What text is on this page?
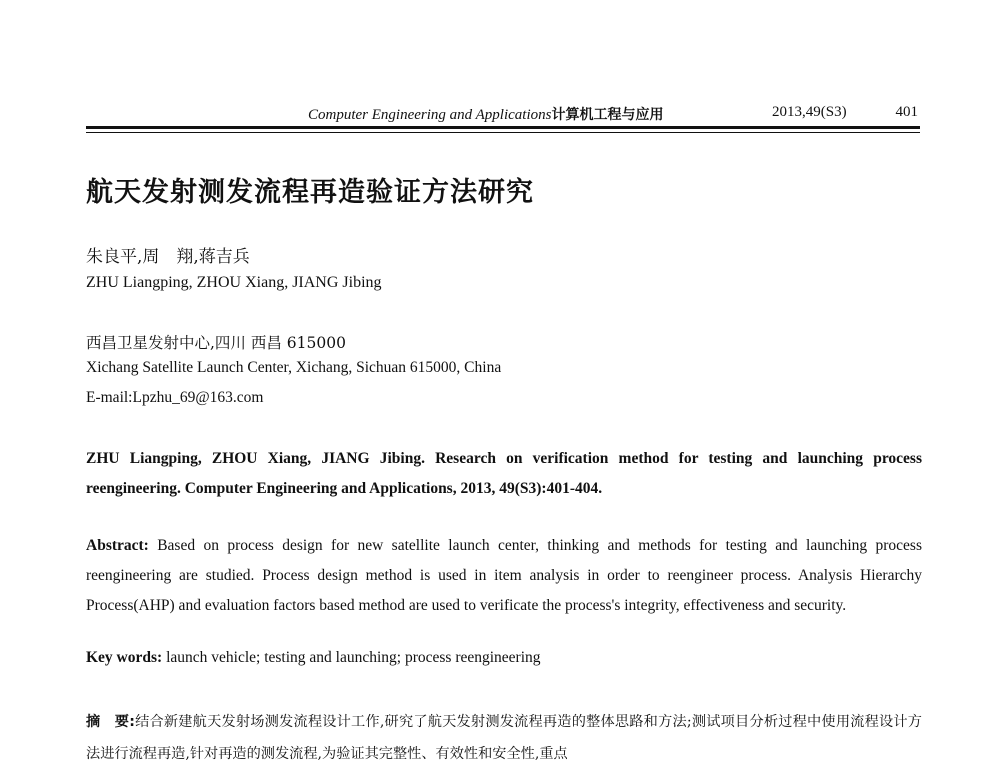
Computer Engineering and Applications计算机工程与应用	2013,49(S3)	401
航天发射测发流程再造验证方法研究
朱良平,周　翔,蒋吉兵
ZHU Liangping, ZHOU Xiang, JIANG Jibing
西昌卫星发射中心,四川 西昌 615000
Xichang Satellite Launch Center, Xichang, Sichuan 615000, China
E-mail:Lpzhu_69@163.com
ZHU Liangping, ZHOU Xiang, JIANG Jibing. Research on verification method for testing and launching process reengineering. Computer Engineering and Applications, 2013, 49(S3):401-404.
Abstract: Based on process design for new satellite launch center, thinking and methods for testing and launching process reengineering are studied. Process design method is used in item analysis in order to reengineer process. Analysis Hierarchy Process(AHP) and evaluation factors based method are used to verificate the process's integrity, effectiveness and security.
Key words: launch vehicle; testing and launching; process reengineering
摘　要:结合新建航天发射场测发流程设计工作,研究了航天发射测发流程再造的整体思路和方法;测试项目分析过程中使用流程设计方法进行流程再造,针对再造的测发流程,为验证其完整性、有效性和安全性,重点
